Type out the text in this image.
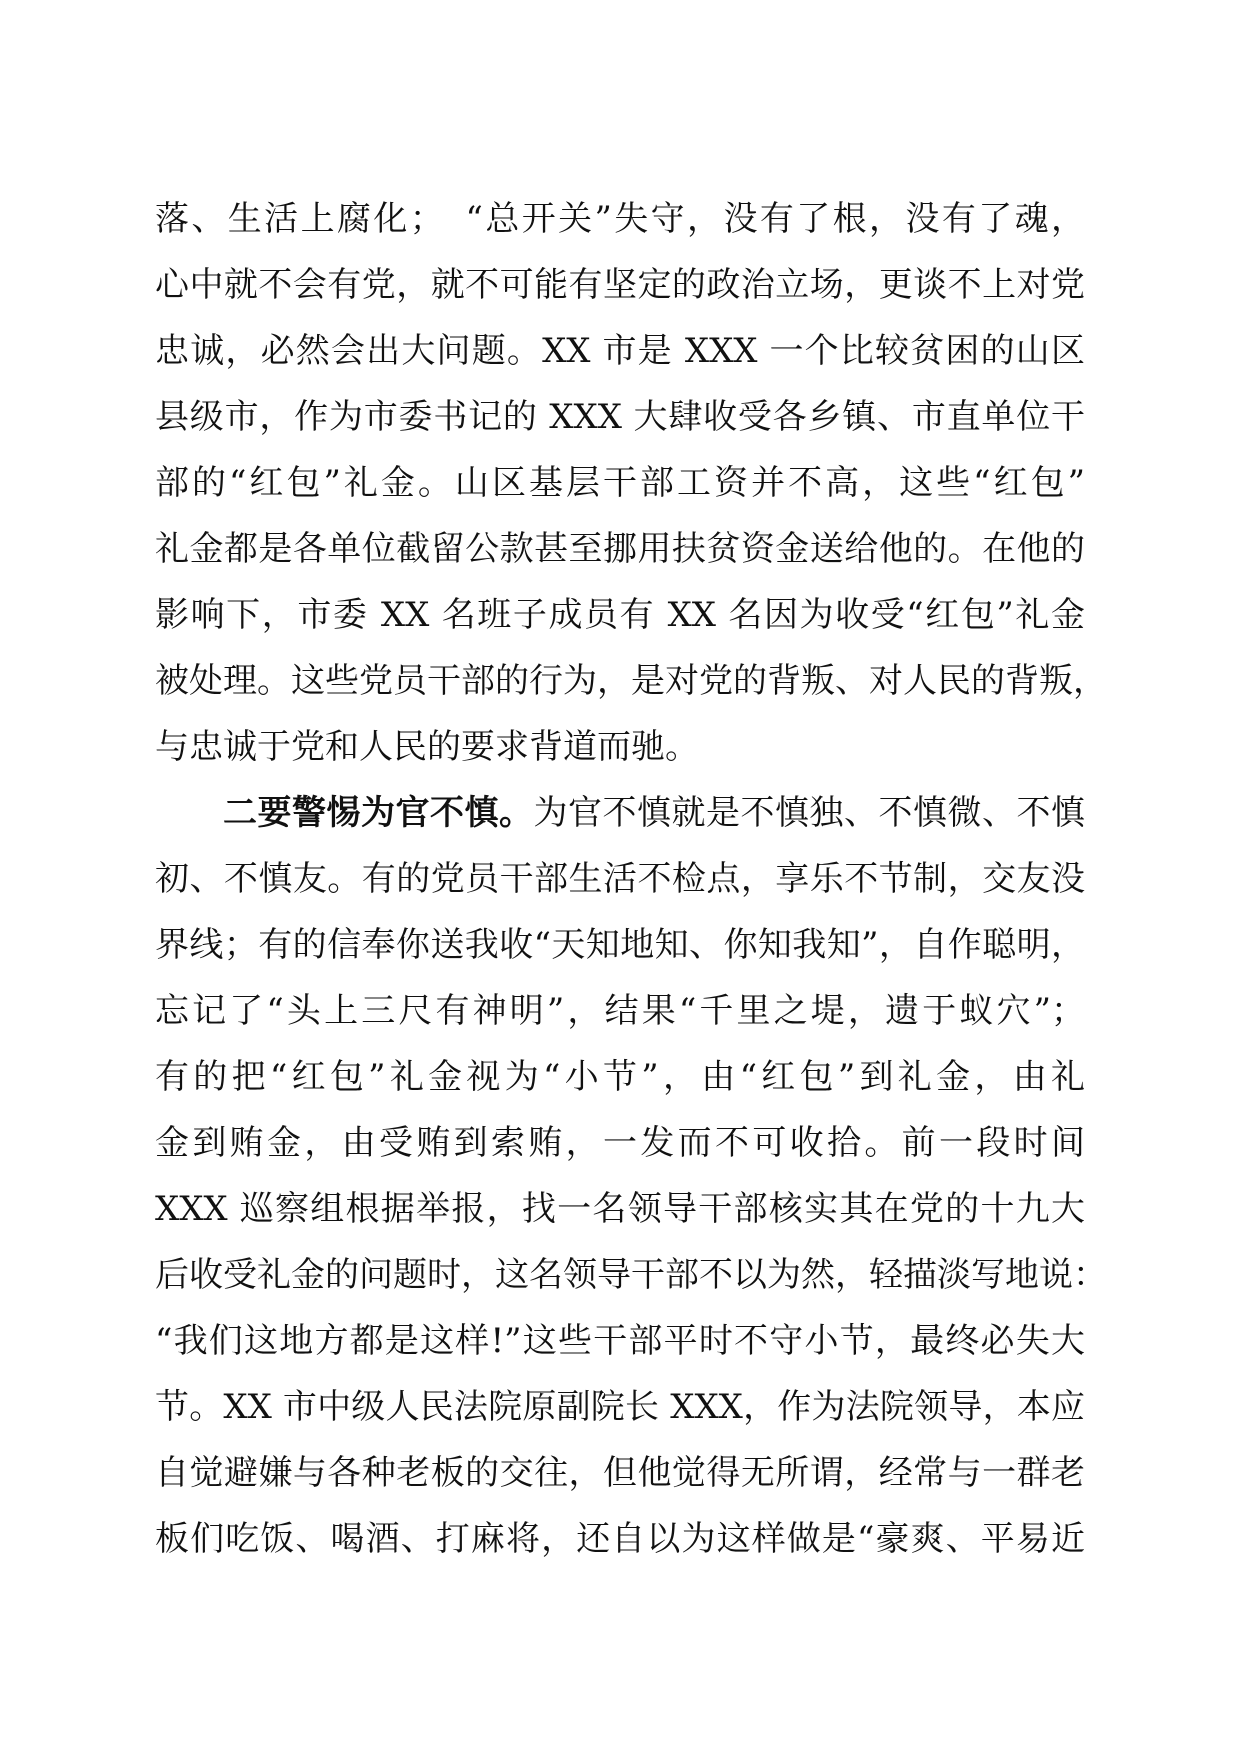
落、生活上腐化；　“总开关”失守，没有了根，没有了魂，
心中就不会有党，就不可能有坚定的政治立场，更谈不上对党
忠诚，必然会出大问题。XX 市是 XXX 一个比较贫困的山区
县级市，作为市委书记的 XXX 大肆收受各乡镇、市直单位干
部的“红包”礼金。山区基层干部工资并不高，这些“红包”
礼金都是各单位截留公款甚至挪用扶贫资金送给他的。在他的
影响下，市委 XX 名班子成员有 XX 名因为收受“红包”礼金
被处理。这些党员干部的行为，是对党的背叛、对人民的背叛，
与忠诚于党和人民的要求背道而驰。
二要警惕为官不慎。为官不慎就是不慎独、不慎微、不慎
初、不慎友。有的党员干部生活不检点，享乐不节制，交友没
界线；有的信奉你送我收“天知地知、你知我知”，自作聪明，
忘记了“头上三尺有神明”，结果“千里之堤，遗于蚁穴”；
有的把“红包”礼金视为“小节”，由“红包”到礼金，由礼
金到贿金，由受贿到索贿，一发而不可收拾。前一段时间
XXX 巡察组根据举报，找一名领导干部核实其在党的十九大
后收受礼金的问题时，这名领导干部不以为然，轻描淡写地说：
“我们这地方都是这样!”这些干部平时不守小节，最终必失大
节。XX 市中级人民法院原副院长 XXX，作为法院领导，本应
自觉避嫌与各种老板的交往，但他觉得无所谓，经常与一群老
板们吃饭、喝酒、打麻将，还自以为这样做是“豪爽、平易近
